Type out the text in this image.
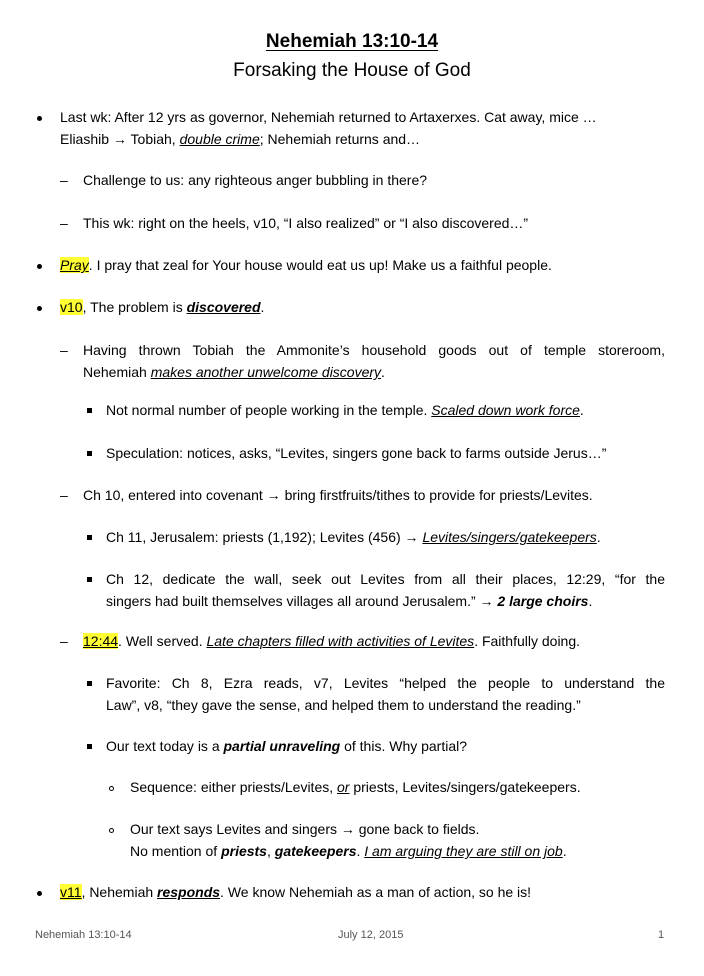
Nehemiah 13:10-14
Forsaking the House of God
Last wk: After 12 yrs as governor, Nehemiah returned to Artaxerxes. Cat away, mice …
Eliashib → Tobiah, double crime; Nehemiah returns and…
– Challenge to us: any righteous anger bubbling in there?
– This wk: right on the heels, v10, “I also realized” or “I also discovered…”
Pray. I pray that zeal for Your house would eat us up! Make us a faithful people.
v10, The problem is discovered.
– Having thrown Tobiah the Ammonite’s household goods out of temple storeroom,
Nehemiah makes another unwelcome discovery.
Not normal number of people working in the temple. Scaled down work force.
Speculation: notices, asks, “Levites, singers gone back to farms outside Jerus…”
– Ch 10, entered into covenant → bring firstfruits/tithes to provide for priests/Levites.
Ch 11, Jerusalem: priests (1,192); Levites (456) → Levites/singers/gatekeepers.
Ch 12, dedicate the wall, seek out Levites from all their places, 12:29, “for the
singers had built themselves villages all around Jerusalem.” → 2 large choirs.
– 12:44. Well served. Late chapters filled with activities of Levites. Faithfully doing.
Favorite: Ch 8, Ezra reads, v7, Levites “helped the people to understand the
Law”, v8, “they gave the sense, and helped them to understand the reading.”
Our text today is a partial unraveling of this. Why partial?
Sequence: either priests/Levites, or priests, Levites/singers/gatekeepers.
Our text says Levites and singers → gone back to fields.
No mention of priests, gatekeepers. I am arguing they are still on job.
v11, Nehemiah responds. We know Nehemiah as a man of action, so he is!
Nehemiah 13:10-14	July 12, 2015	1
